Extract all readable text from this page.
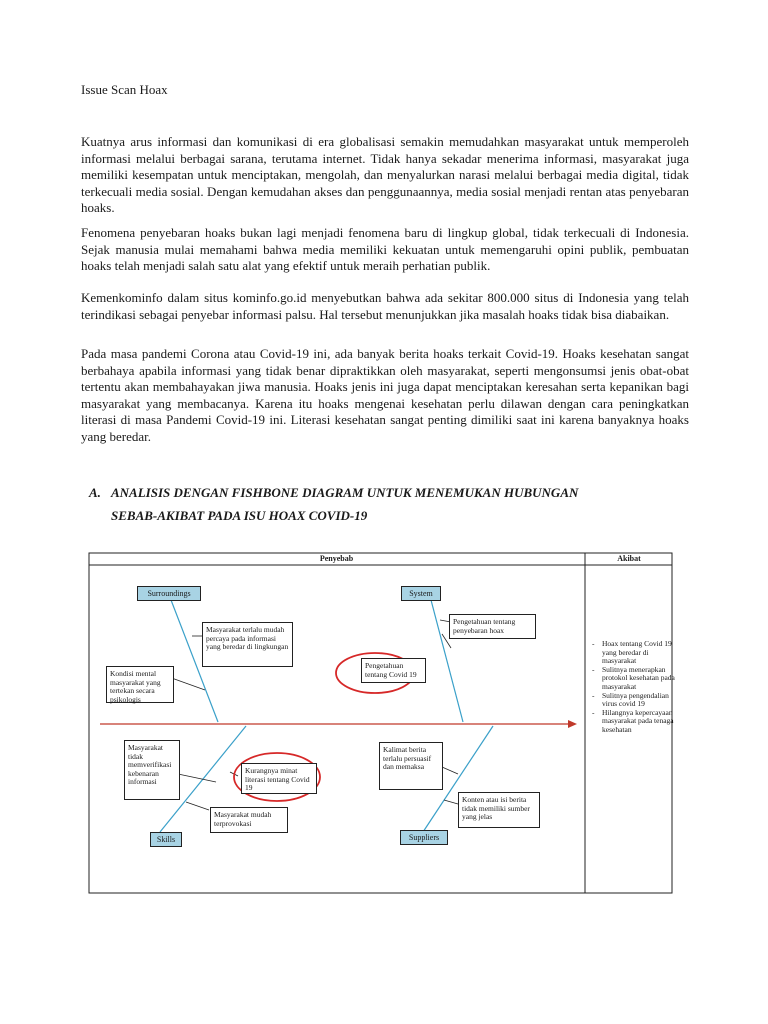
Issue Scan Hoax

Kuatnya arus informasi dan komunikasi di era globalisasi semakin memudahkan masyarakat untuk memperoleh informasi melalui berbagai sarana, terutama internet. Tidak hanya sekadar menerima informasi, masyarakat juga memiliki kesempatan untuk menciptakan, mengolah, dan menyalurkan narasi melalui berbagai media digital, tidak terkecuali media sosial. Dengan kemudahan akses dan penggunaannya, media sosial menjadi rentan atas penyebaran hoaks.

Fenomena penyebaran hoaks bukan lagi menjadi fenomena baru di lingkup global, tidak terkecuali di Indonesia. Sejak manusia mulai memahami bahwa media memiliki kekuatan untuk memengaruhi opini publik, pembuatan hoaks telah menjadi salah satu alat yang efektif untuk meraih perhatian publik.

Kemenkominfo dalam situs kominfo.go.id menyebutkan bahwa ada sekitar 800.000 situs di Indonesia yang telah terindikasi sebagai penyebar informasi palsu. Hal tersebut menunjukkan jika masalah hoaks tidak bisa diabaikan.

Pada masa pandemi Corona atau Covid-19 ini, ada banyak berita hoaks terkait Covid-19. Hoaks kesehatan sangat berbahaya apabila informasi yang tidak benar dipraktikkan oleh masyarakat, seperti mengonsumsi jenis obat-obat tertentu akan membahayakan jiwa manusia. Hoaks jenis ini juga dapat menciptakan keresahan serta kepanikan bagi masyarakat yang membacanya. Karena itu hoaks mengenai kesehatan perlu dilawan dengan cara peningkatkan literasi di masa Pandemi Covid-19 ini. Literasi kesehatan sangat penting dimiliki saat ini karena banyaknya hoaks yang beredar.

A. ANALISIS DENGAN FISHBONE DIAGRAM UNTUK MENEMUKAN HUBUNGAN
SEBAB-AKIBAT PADA ISU HOAX COVID-19
Penyebab	Akibat
Surroundings	System
Skills	Suppliers
Masyarakat terlalu mudah percaya pada informasi yang beredar di lingkungan
Kondisi mental masyarakat yang tertekan secara psikologis
Pengetahuan tentang penyebaran hoax
Pengetahuan tentang Covid 19
Masyarakat tidak memverifikasi kebenaran informasi
Kurangnya minat literasi tentang Covid 19
Masyarakat mudah terprovokasi
Kalimat berita terlalu persuasif dan memaksa
Konten atau isi berita tidak memiliki sumber yang jelas
- Hoax tentang Covid 19 yang beredar di masyarakat
- Sulitnya menerapkan protokol kesehatan pada masyarakat
- Sulitnya pengendalian virus covid 19
- Hilangnya kepercayaan masyarakat pada tenaga kesehatan
